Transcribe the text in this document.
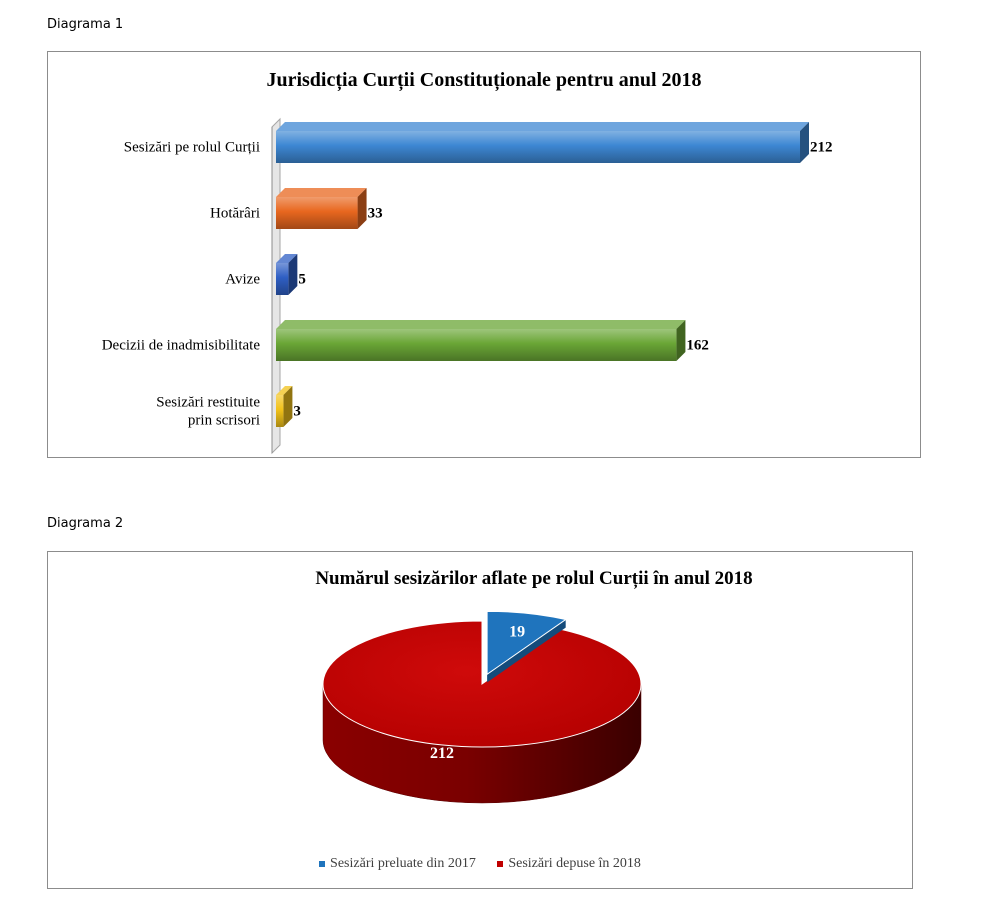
Diagrama 1
Jurisdicția Curții Constituționale pentru anul 2018
212
Sesizări pe rolul Curții
33
Hotărâri
5
Avize
162
Decizii de inadmisibilitate
3
Sesizări restituite
prin scrisori
Diagrama 2
Numărul sesizărilor aflate pe rolul Curții în anul 2018
19
212
Sesizări preluate din 2017
Sesizări depuse în 2018
